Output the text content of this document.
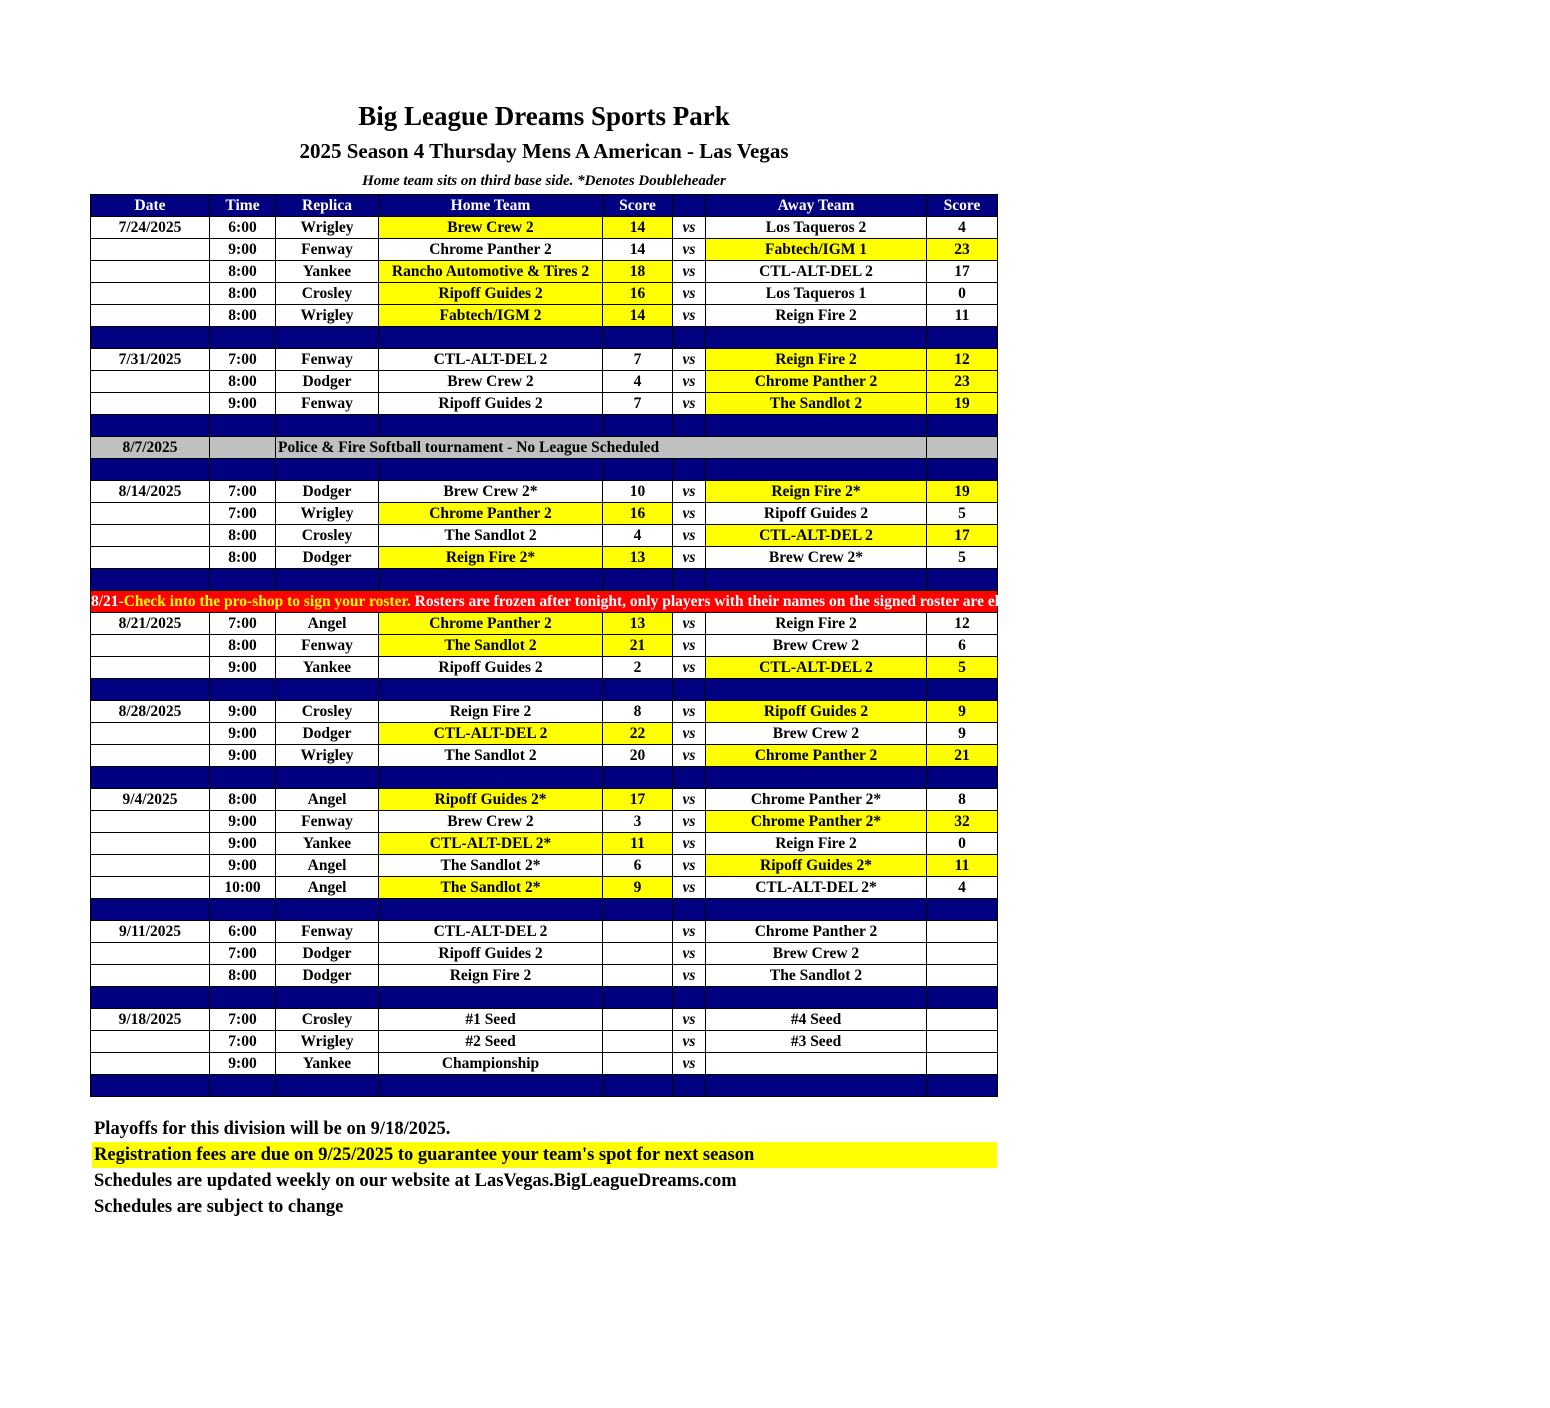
Big League Dreams Sports Park
2025 Season 4 Thursday Mens A American - Las Vegas
Home team sits on third base side. *Denotes Doubleheader
Date	Time	Replica	Home Team	Score		Away Team	Score
7/24/2025	6:00	Wrigley	Brew Crew 2	14	vs	Los Taqueros 2	4
	9:00	Fenway	Chrome Panther 2	14	vs	Fabtech/IGM 1	23
	8:00	Yankee	Rancho Automotive & Tires 2	18	vs	CTL-ALT-DEL 2	17
	8:00	Crosley	Ripoff Guides 2	16	vs	Los Taqueros 1	0
	8:00	Wrigley	Fabtech/IGM 2	14	vs	Reign Fire 2	11

7/31/2025	7:00	Fenway	CTL-ALT-DEL 2	7	vs	Reign Fire 2	12
	8:00	Dodger	Brew Crew 2	4	vs	Chrome Panther 2	23
	9:00	Fenway	Ripoff Guides 2	7	vs	The Sandlot 2	19

8/7/2025		Police & Fire Softball tournament - No League Scheduled					

8/14/2025	7:00	Dodger	Brew Crew 2*	10	vs	Reign Fire 2*	19
	7:00	Wrigley	Chrome Panther 2	16	vs	Ripoff Guides 2	5
	8:00	Crosley	The Sandlot 2	4	vs	CTL-ALT-DEL 2	17
	8:00	Dodger	Reign Fire 2*	13	vs	Brew Crew 2*	5

8/21-Check into the pro-shop to sign your roster. Rosters are frozen after tonight, only players with their names on the signed roster are eligible for playoffs. Please check carefully as changes will not be made for omissions.							
8/21/2025	7:00	Angel	Chrome Panther 2	13	vs	Reign Fire 2	12
	8:00	Fenway	The Sandlot 2	21	vs	Brew Crew 2	6
	9:00	Yankee	Ripoff Guides 2	2	vs	CTL-ALT-DEL 2	5

8/28/2025	9:00	Crosley	Reign Fire 2	8	vs	Ripoff Guides 2	9
	9:00	Dodger	CTL-ALT-DEL 2	22	vs	Brew Crew 2	9
	9:00	Wrigley	The Sandlot 2	20	vs	Chrome Panther 2	21

9/4/2025	8:00	Angel	Ripoff Guides 2*	17	vs	Chrome Panther 2*	8
	9:00	Fenway	Brew Crew 2	3	vs	Chrome Panther 2*	32
	9:00	Yankee	CTL-ALT-DEL 2*	11	vs	Reign Fire 2	0
	9:00	Angel	The Sandlot 2*	6	vs	Ripoff Guides 2*	11
	10:00	Angel	The Sandlot 2*	9	vs	CTL-ALT-DEL 2*	4

9/11/2025	6:00	Fenway	CTL-ALT-DEL 2		vs	Chrome Panther 2	
	7:00	Dodger	Ripoff Guides 2		vs	Brew Crew 2	
	8:00	Dodger	Reign Fire 2		vs	The Sandlot 2	

9/18/2025	7:00	Crosley	#1 Seed		vs	#4 Seed	
	7:00	Wrigley	#2 Seed		vs	#3 Seed	
	9:00	Yankee	Championship		vs		

Playoffs for this division will be on 9/18/2025.
Registration fees are due on 9/25/2025 to guarantee your team's spot for next season
Schedules are updated weekly on our website at LasVegas.BigLeagueDreams.com
Schedules are subject to change
